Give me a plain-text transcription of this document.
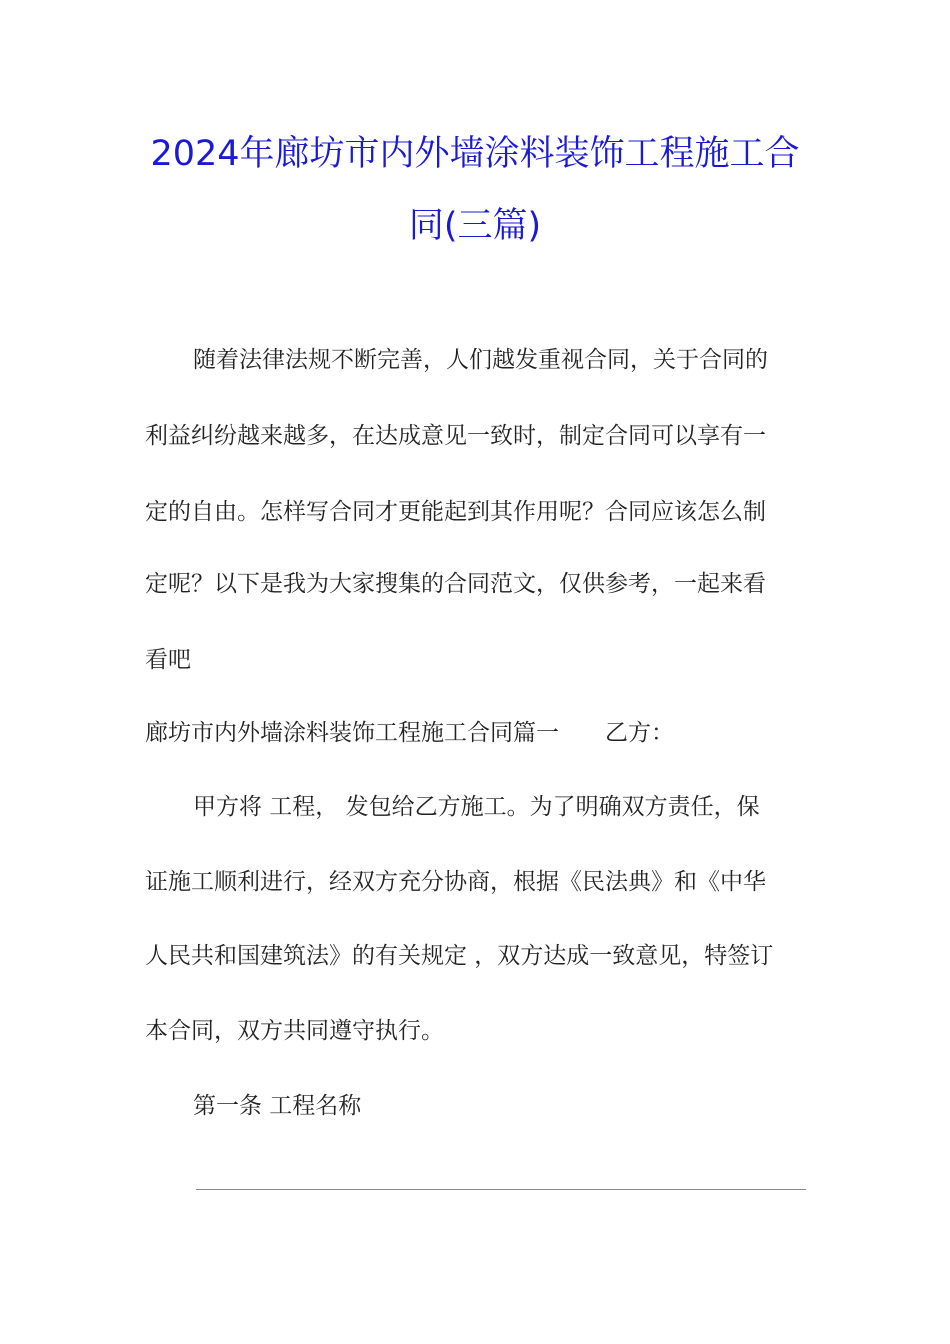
2024年廊坊市内外墙涂料装饰工程施工合
同(三篇)
随着法律法规不断完善，人们越发重视合同，关于合同的
利益纠纷越来越多，在达成意见一致时，制定合同可以享有一
定的自由。怎样写合同才更能起到其作用呢？合同应该怎么制
定呢？以下是我为大家搜集的合同范文，仅供参考，一起来看
看吧
廊坊市内外墙涂料装饰工程施工合同篇一　　乙方：
甲方将 工程， 发包给乙方施工。为了明确双方责任，保
证施工顺利进行，经双方充分协商，根据《民法典》和《中华
人民共和国建筑法》的有关规定 ，双方达成一致意见，特签订
本合同，双方共同遵守执行。
第一条 工程名称
